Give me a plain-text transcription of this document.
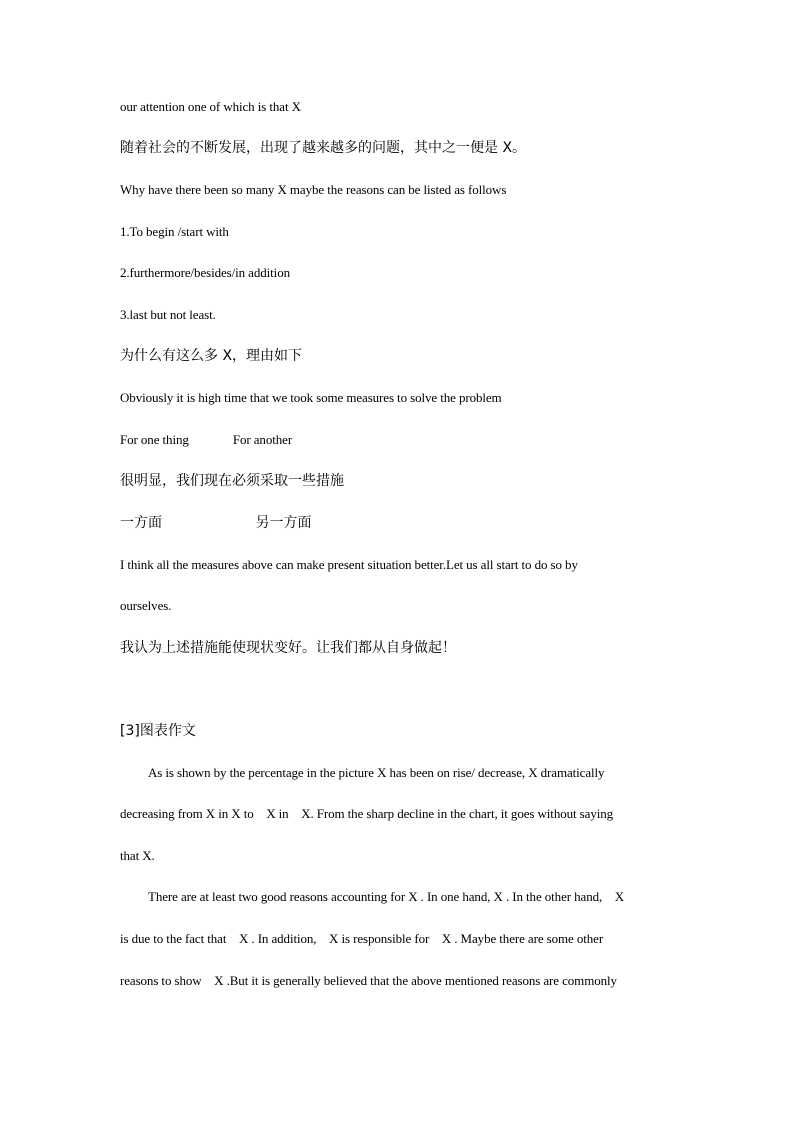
our attention one of which is that X
随着社会的不断发展，出现了越来越多的问题，其中之一便是 X。
Why have there been so many X maybe the reasons can be listed as follows
1.To begin /start with
2.furthermore/besides/in addition
3.last but not least.
为什么有这么多 X，理由如下
Obviously it is high time that we took some measures to solve the problem
For one thing              For another
很明显，我们现在必须采取一些措施
一方面                     另一方面
I think all the measures above can make present situation better.Let us all start to do so by
ourselves.
我认为上述措施能使现状变好。让我们都从自身做起！
[3]图表作文
As is shown by the percentage in the picture X has been on rise/ decrease, X dramatically
decreasing from X in X to    X in    X. From the sharp decline in the chart, it goes without saying
that X.
There are at least two good reasons accounting for X . In one hand, X . In the other hand,    X
is due to the fact that    X . In addition,    X is responsible for    X . Maybe there are some other
reasons to show    X .But it is generally believed that the above mentioned reasons are commonly
